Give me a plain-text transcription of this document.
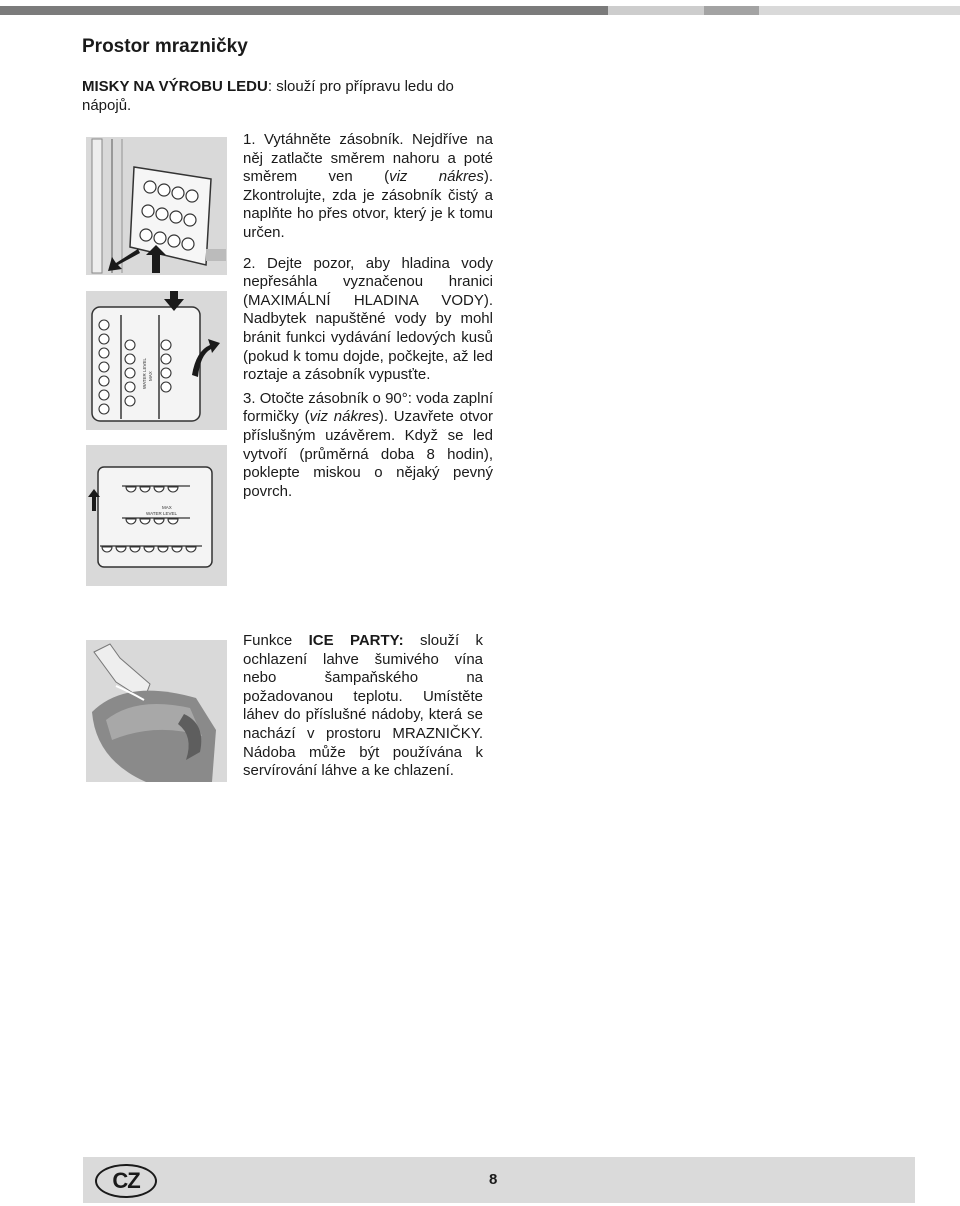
Prostor mrazničky

MISKY NA VÝROBU LEDU: slouží pro přípravu ledu do nápojů.

1. Vytáhněte zásobník. Nejdříve na něj zatlačte směrem nahoru a poté směrem ven (viz nákres). Zkontrolujte, zda je zásobník čistý a naplňte ho přes otvor, který je k tomu určen.

2. Dejte pozor, aby hladina vody nepřesáhla vyznačenou hranici (MAXIMÁLNÍ HLADINA VODY). Nadbytek napuštěné vody by mohl bránit funkci vydávání ledových kusů (pokud k tomu dojde, počkejte, až led roztaje a zásobník vypusťte.

3. Otočte zásobník o 90°: voda zaplní formičky (viz nákres). Uzavřete otvor příslušným uzávěrem. Když se led vytvoří (průměrná doba 8 hodin), poklepte miskou o nějaký pevný povrch.

Funkce ICE PARTY: slouží k ochlazení lahve šumivého vína nebo šampaňského na požadovanou teplotu. Umístěte láhev do příslušné nádoby, která se nachází v prostoru MRAZNIČKY. Nádoba může být používána k servírování láhve a ke chlazení.

WATER LEVEL MAX
MAX
WATER LEVEL
CZ	8
